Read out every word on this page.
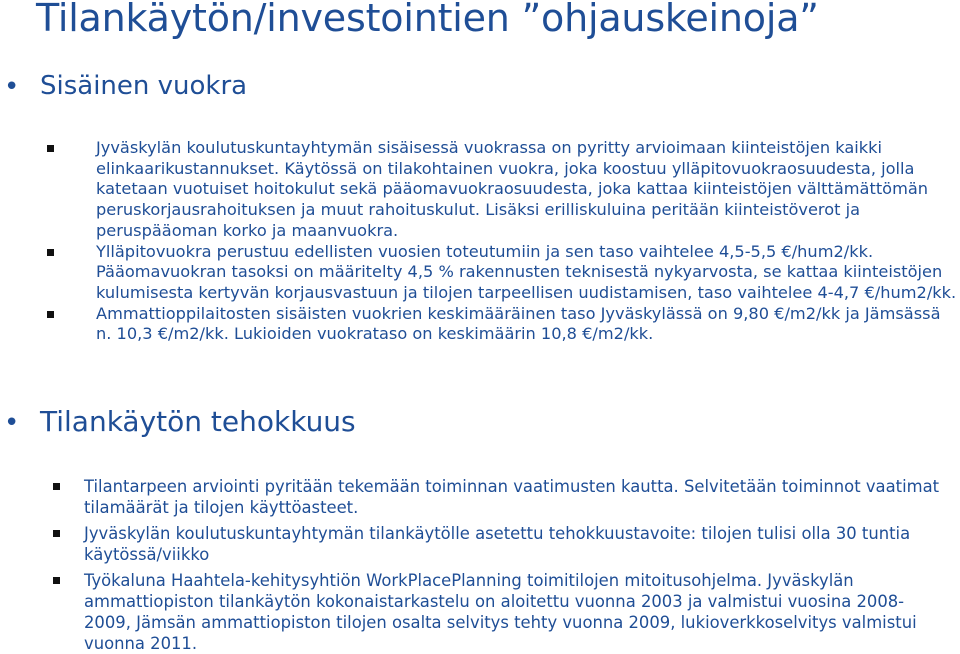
Tilankäytön/investointien ”ohjauskeinoja”
• Sisäinen vuokra
Jyväskylän koulutuskuntayhtymän sisäisessä vuokrassa on pyritty arvioimaan kiinteistöjen kaikki elinkaarikustannukset. Käytössä on tilakohtainen vuokra, joka koostuu ylläpitovuokraosuudesta, jolla katetaan vuotuiset hoitokulut sekä pääomavuokraosuudesta, joka kattaa kiinteistöjen välttämättömän peruskorjausrahoituksen ja muut rahoituskulut. Lisäksi erilliskuluina peritään kiinteistöverot ja peruspääoman korko ja maanvuokra.
Ylläpitovuokra perustuu edellisten vuosien toteutumiin ja sen taso vaihtelee 4,5-5,5 €/hum2/kk. Pääomavuokran tasoksi on määritelty 4,5 % rakennusten teknisestä nykyarvosta, se kattaa kiinteistöjen kulumisesta kertyvän korjausvastuun ja tilojen tarpeellisen uudistamisen, taso vaihtelee 4-4,7 €/hum2/kk.
Ammattioppilaitosten sisäisten vuokrien keskimääräinen taso Jyväskylässä on 9,80 €/m2/kk ja Jämsässä n. 10,3 €/m2/kk. Lukioiden vuokrataso on keskimäärin 10,8 €/m2/kk.
• Tilankäytön tehokkuus
Tilantarpeen arviointi pyritään tekemään toiminnan vaatimusten kautta. Selvitetään toiminnot vaatimat tilamäärät ja tilojen käyttöasteet.
Jyväskylän koulutuskuntayhtymän tilankäytölle asetettu tehokkuustavoite: tilojen tulisi olla 30 tuntia käytössä/viikko
Työkaluna Haahtela-kehitysyhtiön WorkPlacePlanning toimitilojen mitoitusohjelma. Jyväskylän ammattiopiston tilankäytön kokonaistarkastelu on aloitettu vuonna 2003 ja valmistui vuosina 2008-2009, Jämsän ammattiopiston tilojen osalta selvitys tehty vuonna 2009, lukioverkkoselvitys valmistui vuonna 2011.
